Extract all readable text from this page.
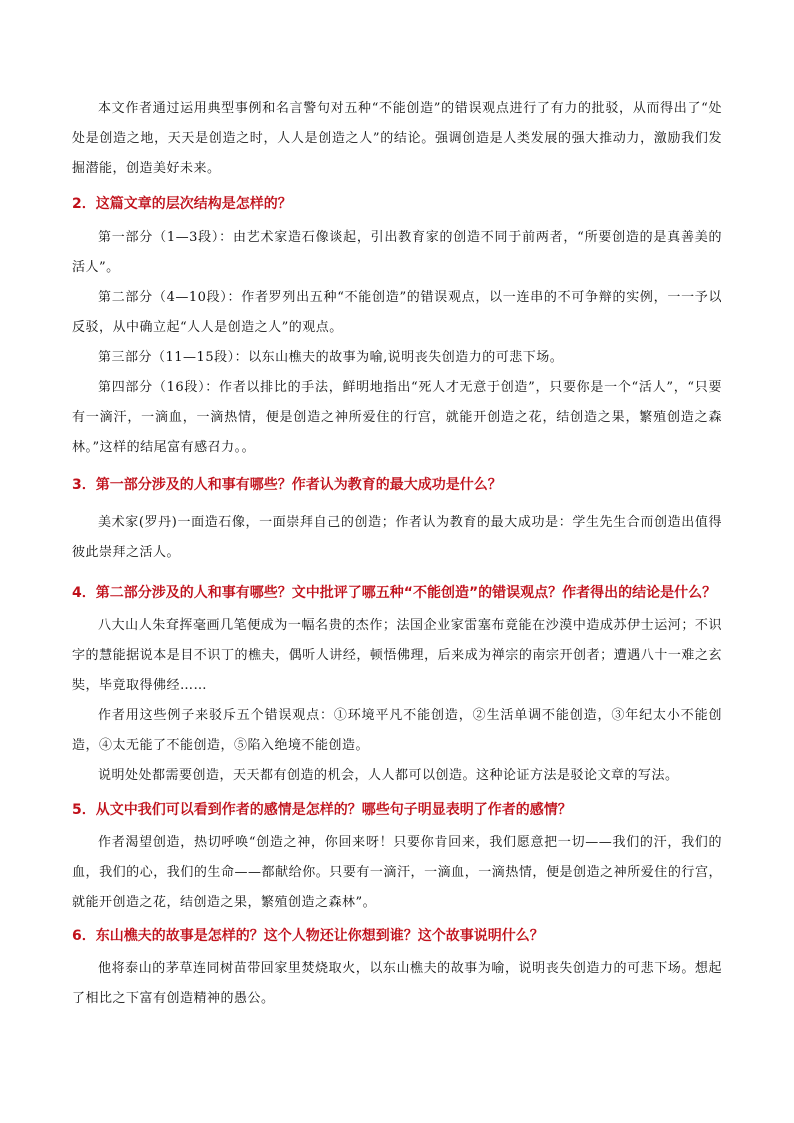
本文作者通过运用典型事例和名言警句对五种“不能创造”的错误观点进行了有力的批驳，从而得出了“处处是创造之地，天天是创造之时，人人是创造之人”的结论。强调创造是人类发展的强大推动力，激励我们发掘潜能，创造美好未来。

2．这篇文章的层次结构是怎样的？

第一部分（1—3段）：由艺术家造石像谈起，引出教育家的创造不同于前两者，“所要创造的是真善美的活人”。

第二部分（4—10段）：作者罗列出五种“不能创造”的错误观点，以一连串的不可争辩的实例，一一予以反驳，从中确立起“人人是创造之人”的观点。

第三部分（11—15段）：以东山樵夫的故事为喻,说明丧失创造力的可悲下场。

第四部分（16段）：作者以排比的手法，鲜明地指出“死人才无意于创造”，只要你是一个“活人”，“只要有一滴汗，一滴血，一滴热情，便是创造之神所爱住的行宫，就能开创造之花，结创造之果，繁殖创造之森林。”这样的结尾富有感召力。。

3．第一部分涉及的人和事有哪些？作者认为教育的最大成功是什么？

美术家(罗丹)一面造石像，一面崇拜自己的创造；作者认为教育的最大成功是：学生先生合而创造出值得彼此崇拜之活人。

4．第二部分涉及的人和事有哪些？文中批评了哪五种“不能创造”的错误观点？作者得出的结论是什么？

八大山人朱耷挥毫画几笔便成为一幅名贵的杰作；法国企业家雷塞布竟能在沙漠中造成苏伊士运河；不识字的慧能据说本是目不识丁的樵夫，偶听人讲经，顿悟佛理，后来成为禅宗的南宗开创者；遭遇八十一难之玄奘，毕竟取得佛经……

作者用这些例子来驳斥五个错误观点：①环境平凡不能创造，②生活单调不能创造，③年纪太小不能创造，④太无能了不能创造，⑤陷入绝境不能创造。

说明处处都需要创造，天天都有创造的机会，人人都可以创造。这种论证方法是驳论文章的写法。

5．从文中我们可以看到作者的感情是怎样的？哪些句子明显表明了作者的感情？

作者渴望创造，热切呼唤“创造之神，你回来呀！只要你肯回来，我们愿意把一切——我们的汗，我们的血，我们的心，我们的生命——都献给你。只要有一滴汗，一滴血，一滴热情，便是创造之神所爱住的行宫，就能开创造之花，结创造之果，繁殖创造之森林”。

6．东山樵夫的故事是怎样的？这个人物还让你想到谁？这个故事说明什么？

他将泰山的茅草连同树苗带回家里焚烧取火，以东山樵夫的故事为喻，说明丧失创造力的可悲下场。想起了相比之下富有创造精神的愚公。
